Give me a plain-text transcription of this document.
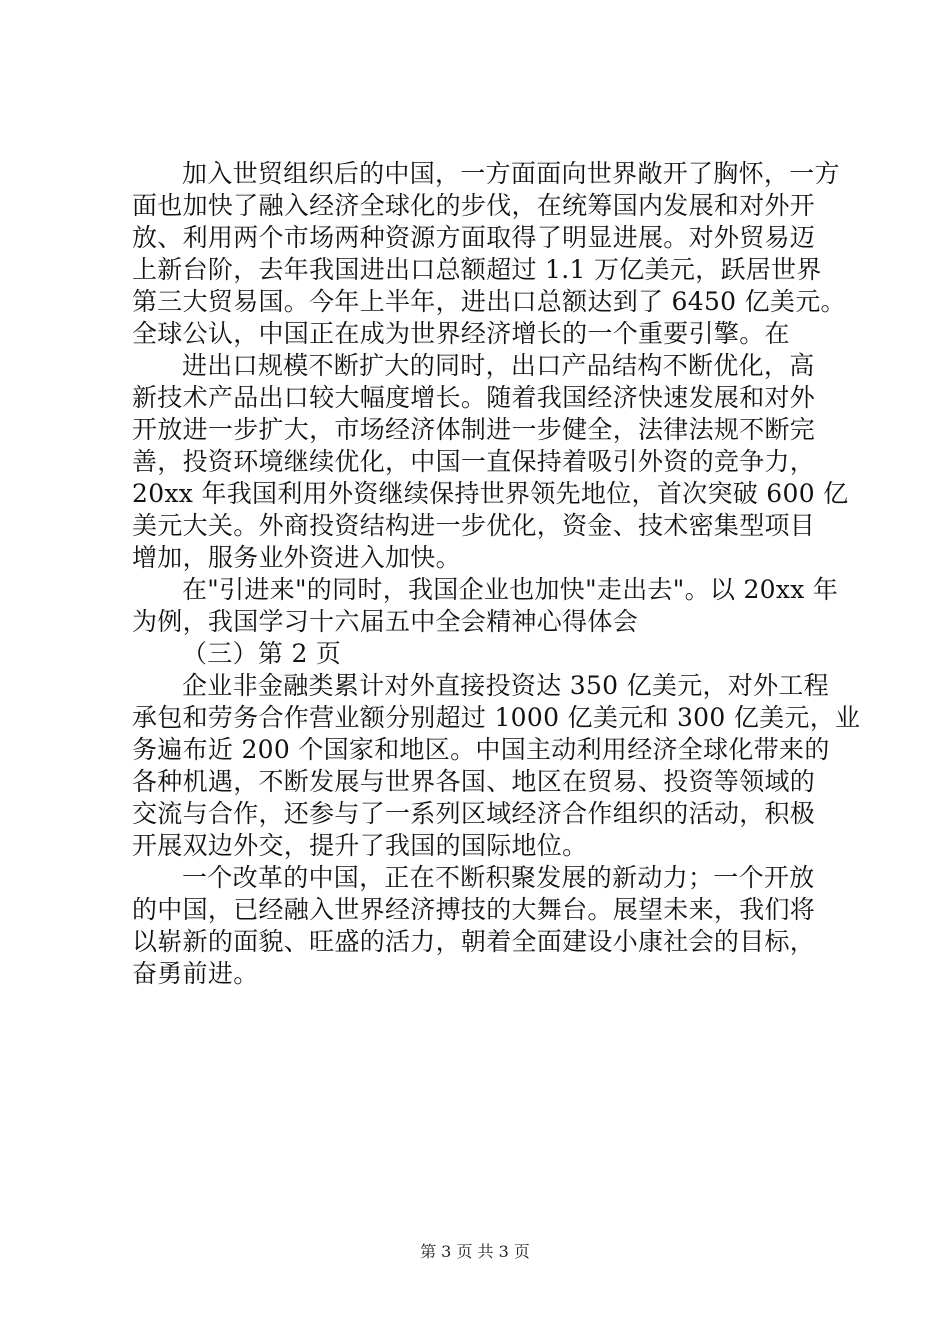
加入世贸组织后的中国，一方面面向世界敞开了胸怀，一方
面也加快了融入经济全球化的步伐，在统筹国内发展和对外开
放、利用两个市场两种资源方面取得了明显进展。对外贸易迈
上新台阶，去年我国进出口总额超过 1.1 万亿美元，跃居世界
第三大贸易国。今年上半年，进出口总额达到了 6450 亿美元。
全球公认，中国正在成为世界经济增长的一个重要引擎。在
进出口规模不断扩大的同时，出口产品结构不断优化，高
新技术产品出口较大幅度增长。随着我国经济快速发展和对外
开放进一步扩大，市场经济体制进一步健全，法律法规不断完
善，投资环境继续优化，中国一直保持着吸引外资的竞争力，
20xx 年我国利用外资继续保持世界领先地位，首次突破 600 亿
美元大关。外商投资结构进一步优化，资金、技术密集型项目
增加，服务业外资进入加快。
在"引进来"的同时，我国企业也加快"走出去"。以 20xx 年
为例，我国学习十六届五中全会精神心得体会
（三）第 2 页
企业非金融类累计对外直接投资达 350 亿美元，对外工程
承包和劳务合作营业额分别超过 1000 亿美元和 300 亿美元，业
务遍布近 200 个国家和地区。中国主动利用经济全球化带来的
各种机遇，不断发展与世界各国、地区在贸易、投资等领域的
交流与合作，还参与了一系列区域经济合作组织的活动，积极
开展双边外交，提升了我国的国际地位。
一个改革的中国，正在不断积聚发展的新动力；一个开放
的中国，已经融入世界经济搏技的大舞台。展望未来，我们将
以崭新的面貌、旺盛的活力，朝着全面建设小康社会的目标，
奋勇前进。
第 3 页 共 3 页
